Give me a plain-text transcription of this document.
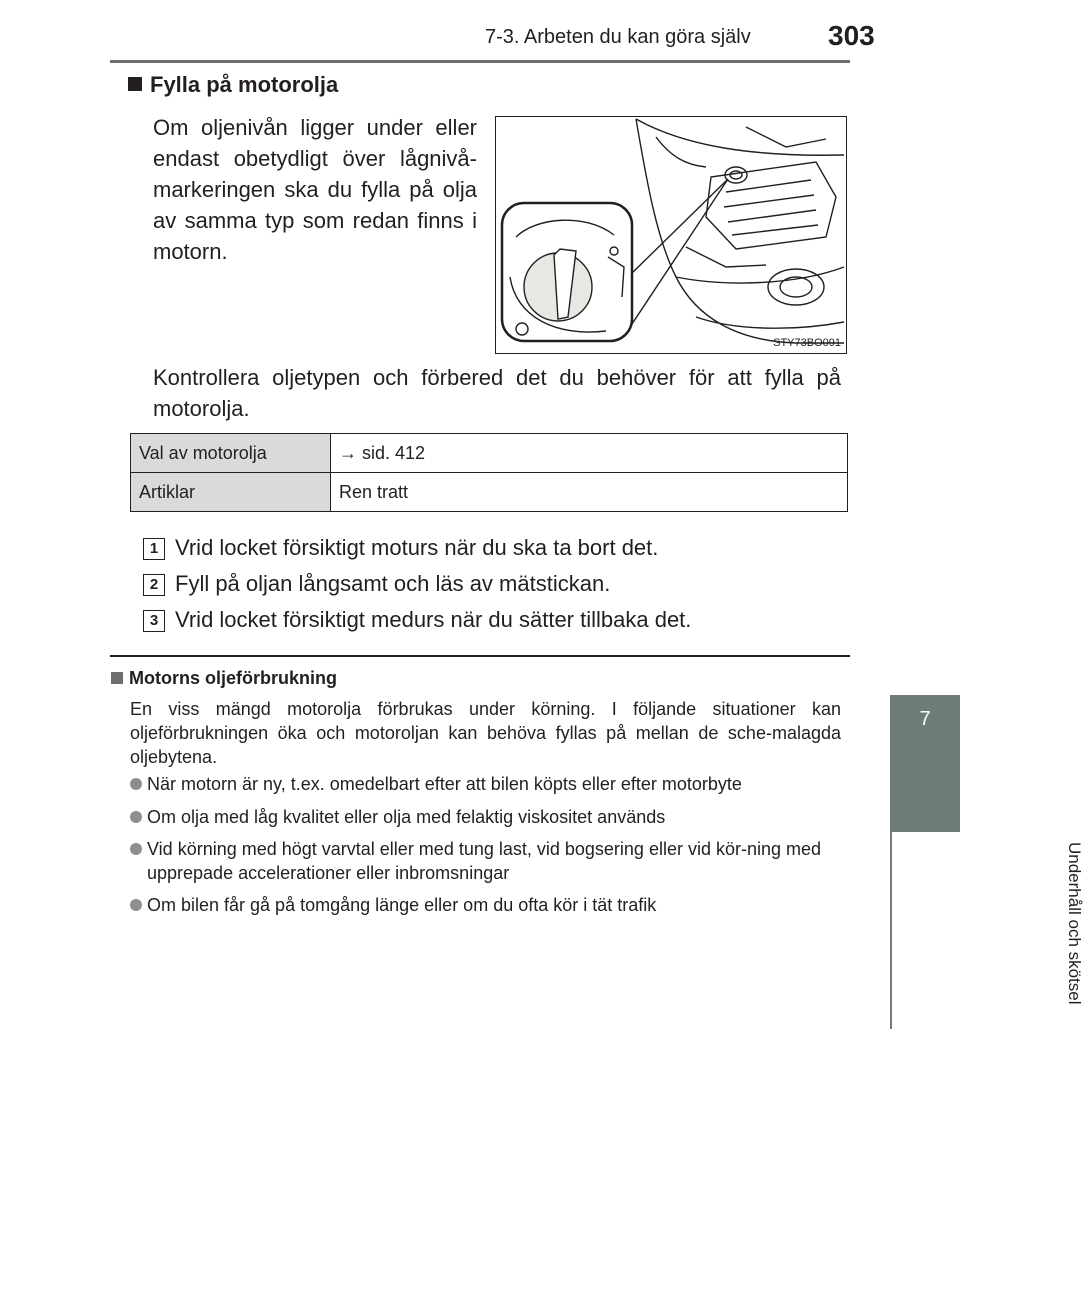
7-3. Arbeten du kan göra själv	303
7
Underhåll och skötsel
Fylla på motorolja
Om oljenivån ligger under eller endast obetydligt över lågnivå-markeringen ska du fylla på olja av samma typ som redan finns i motorn.
STY73BO091
Kontrollera oljetypen och förbered det du behöver för att fylla på motorolja.
Val av motorolja	→ sid. 412
Artiklar	Ren tratt
1 Vrid locket försiktigt moturs när du ska ta bort det.
2 Fyll på oljan långsamt och läs av mätstickan.
3 Vrid locket försiktigt medurs när du sätter tillbaka det.
Motorns oljeförbrukning
En viss mängd motorolja förbrukas under körning. I följande situationer kan oljeförbrukningen öka och motoroljan kan behöva fyllas på mellan de sche-malagda oljebytena.
När motorn är ny, t.ex. omedelbart efter att bilen köpts eller efter motorbyte
Om olja med låg kvalitet eller olja med felaktig viskositet används
Vid körning med högt varvtal eller med tung last, vid bogsering eller vid kör-ning med upprepade accelerationer eller inbromsningar
Om bilen får gå på tomgång länge eller om du ofta kör i tät trafik
